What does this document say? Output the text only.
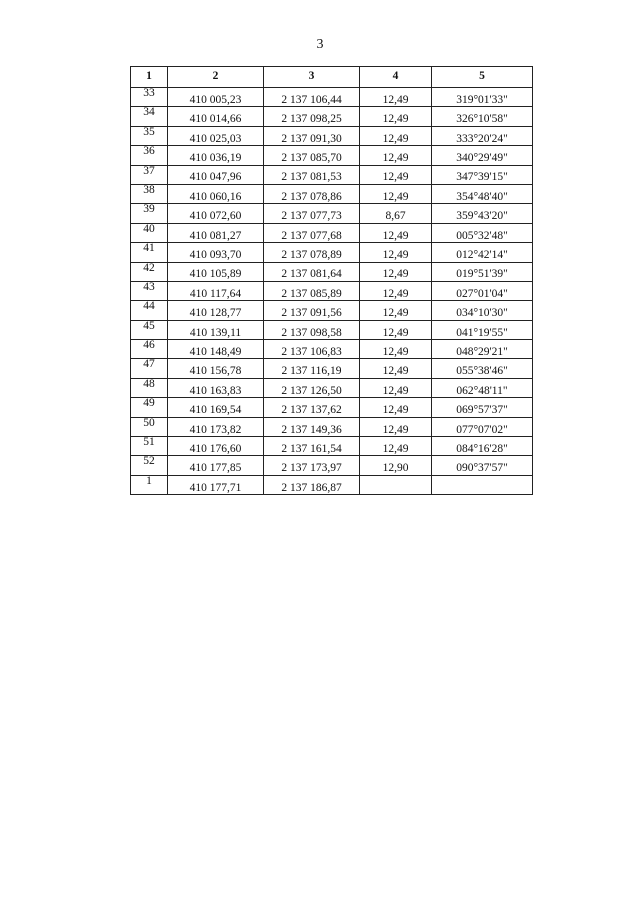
3
1	2	3	4	5
33	410 005,23	2 137 106,44	12,49	319°01'33"
34	410 014,66	2 137 098,25	12,49	326°10'58"
35	410 025,03	2 137 091,30	12,49	333°20'24"
36	410 036,19	2 137 085,70	12,49	340°29'49"
37	410 047,96	2 137 081,53	12,49	347°39'15"
38	410 060,16	2 137 078,86	12,49	354°48'40"
39	410 072,60	2 137 077,73	8,67	359°43'20"
40	410 081,27	2 137 077,68	12,49	005°32'48"
41	410 093,70	2 137 078,89	12,49	012°42'14"
42	410 105,89	2 137 081,64	12,49	019°51'39"
43	410 117,64	2 137 085,89	12,49	027°01'04"
44	410 128,77	2 137 091,56	12,49	034°10'30"
45	410 139,11	2 137 098,58	12,49	041°19'55"
46	410 148,49	2 137 106,83	12,49	048°29'21"
47	410 156,78	2 137 116,19	12,49	055°38'46"
48	410 163,83	2 137 126,50	12,49	062°48'11"
49	410 169,54	2 137 137,62	12,49	069°57'37"
50	410 173,82	2 137 149,36	12,49	077°07'02"
51	410 176,60	2 137 161,54	12,49	084°16'28"
52	410 177,85	2 137 173,97	12,90	090°37'57"
1	410 177,71	2 137 186,87		
